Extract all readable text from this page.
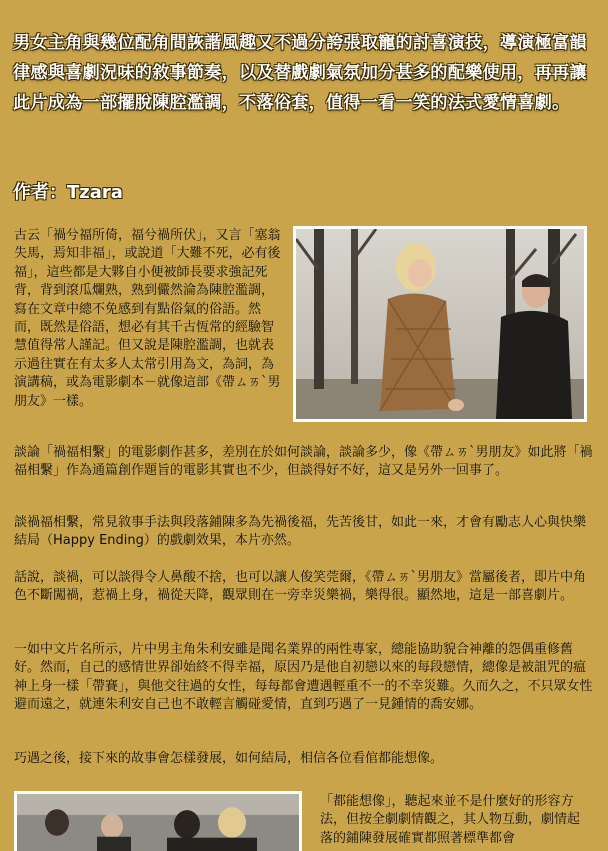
男女主角與幾位配角間詼諧風趣又不過分誇張取寵的討喜演技，導演極富韻律感與喜劇況味的敘事節奏，以及替戲劇氣氛加分甚多的配樂使用，再再讓此片成為一部擺脫陳腔濫調，不落俗套，值得一看一笑的法式愛情喜劇。

作者：Tzara

古云「禍兮福所倚，福兮禍所伏」，又言「塞翁失馬，焉知非福」，或說道「大難不死，必有後福」，這些都是大夥自小便被師長要求強記死背，背到滾瓜爛熟，熟到儼然淪為陳腔濫調，寫在文章中總不免感到有點俗氣的俗語。然而，既然是俗語，想必有其千古恆常的經驗智慧值得常人謹記。但又說是陳腔濫調，也就表示過往實在有太多人太常引用為文，為詞，為演講稿，或為電影劇本－就像這部《帶ㄙㄞˋ男朋友》一樣。

談論「禍福相繫」的電影劇作甚多，差別在於如何談論，談論多少，像《帶ㄙㄞˋ男朋友》如此將「禍福相繫」作為通篇創作題旨的電影其實也不少，但談得好不好，這又是另外一回事了。

談禍福相繫，常見敘事手法與段落鋪陳多為先禍後福，先苦後甘，如此一來，才會有勵志人心與快樂結局（Happy Ending）的戲劇效果，本片亦然。

話說，談禍，可以談得令人鼻酸不捨，也可以讓人俊笑莞爾，《帶ㄙㄞˋ男朋友》當屬後者，即片中角色不斷闖禍，惹禍上身，禍從天降，觀眾則在一旁幸災樂禍，樂得很。顯然地，這是一部喜劇片。

一如中文片名所示，片中男主角朱利安雖是聞名業界的兩性專家，總能協助貌合神離的怨偶重修舊好。然而，自己的感情世界卻始終不得幸福，原因乃是他自初戀以來的每段戀情，總像是被詛咒的瘟神上身一樣「帶賽」，與他交往過的女性，每每都會遭遇輕重不一的不幸災難。久而久之，不只眾女性避而遠之，就連朱利安自己也不敢輕言觸碰愛情，直到巧遇了一見鍾情的喬安娜。

巧遇之後，接下來的故事會怎樣發展，如何結局，相信各位看倌都能想像。

「都能想像」，聽起來並不是什麼好的形容方法，但按全劇劇情觀之，其人物互動，劇情起落的鋪陳發展確實都照著標準都會
